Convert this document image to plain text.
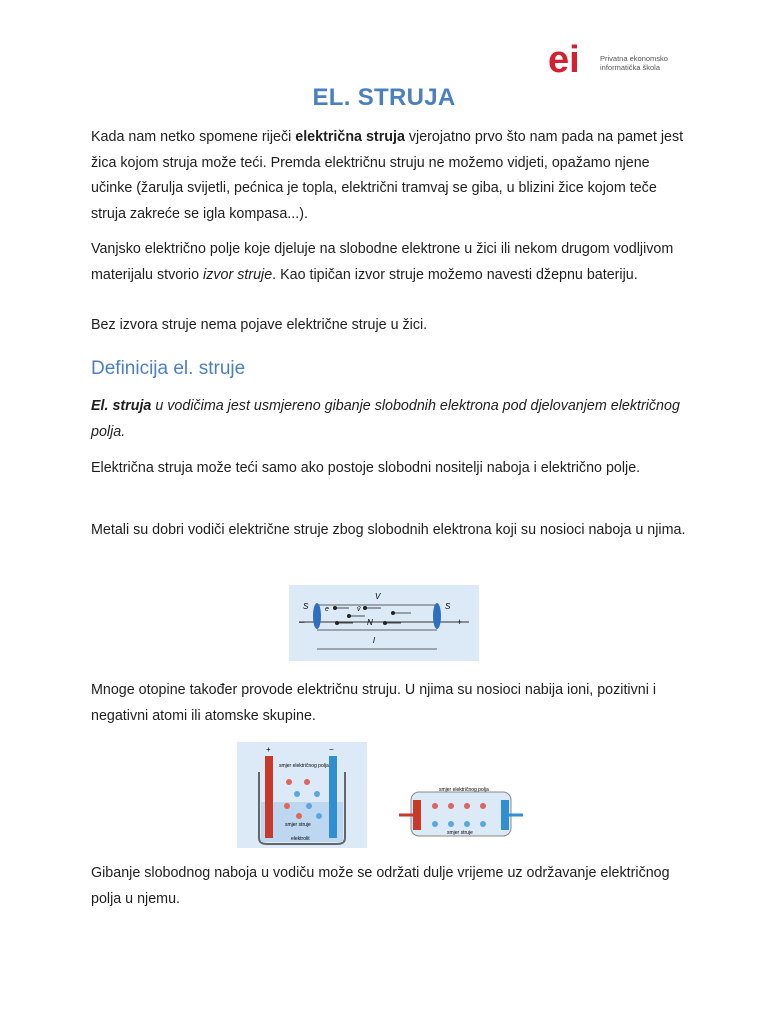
ei	Privatna ekonomsko
informatička škola
EL. STRUJA
Kada nam netko spomene riječi električna struja vjerojatno prvo što nam pada na pamet jest žica kojom struja može teći. Premda električnu struju ne možemo vidjeti, opažamo njene učinke (žarulja svijetli, pećnica je topla, električni tramvaj se giba, u blizini žice kojom teče struja zakreće se igla kompasa...).
Vanjsko električno polje koje djeluje na slobodne elektrone u žici ili nekom drugom vodljivom materijalu stvorio izvor struje. Kao tipičan izvor struje možemo navesti džepnu bateriju.
Bez izvora struje nema pojave električne struje u žici.
Definicija el. struje
El. struja u vodičima jest usmjereno gibanje slobodnih elektrona pod djelovanjem električnog polja.
Električna struja može teći samo ako postoje slobodni nositelji naboja i električno polje.
Metali su dobri vodiči električne struje zbog slobodnih elektrona koji su nosioci naboja u njima.
S	S
V
e	v̄
N
l
–	+
Mnoge otopine također provode električnu struju. U njima su nosioci nabija ioni, pozitivni i negativni atomi ili atomske skupine.
+	−
smjer električnog polja
smjer struje
elektrolit
smjer električnog polja
smjer struje
Gibanje slobodnog naboja u vodiču može se održati dulje vrijeme uz održavanje električnog polja u njemu.
